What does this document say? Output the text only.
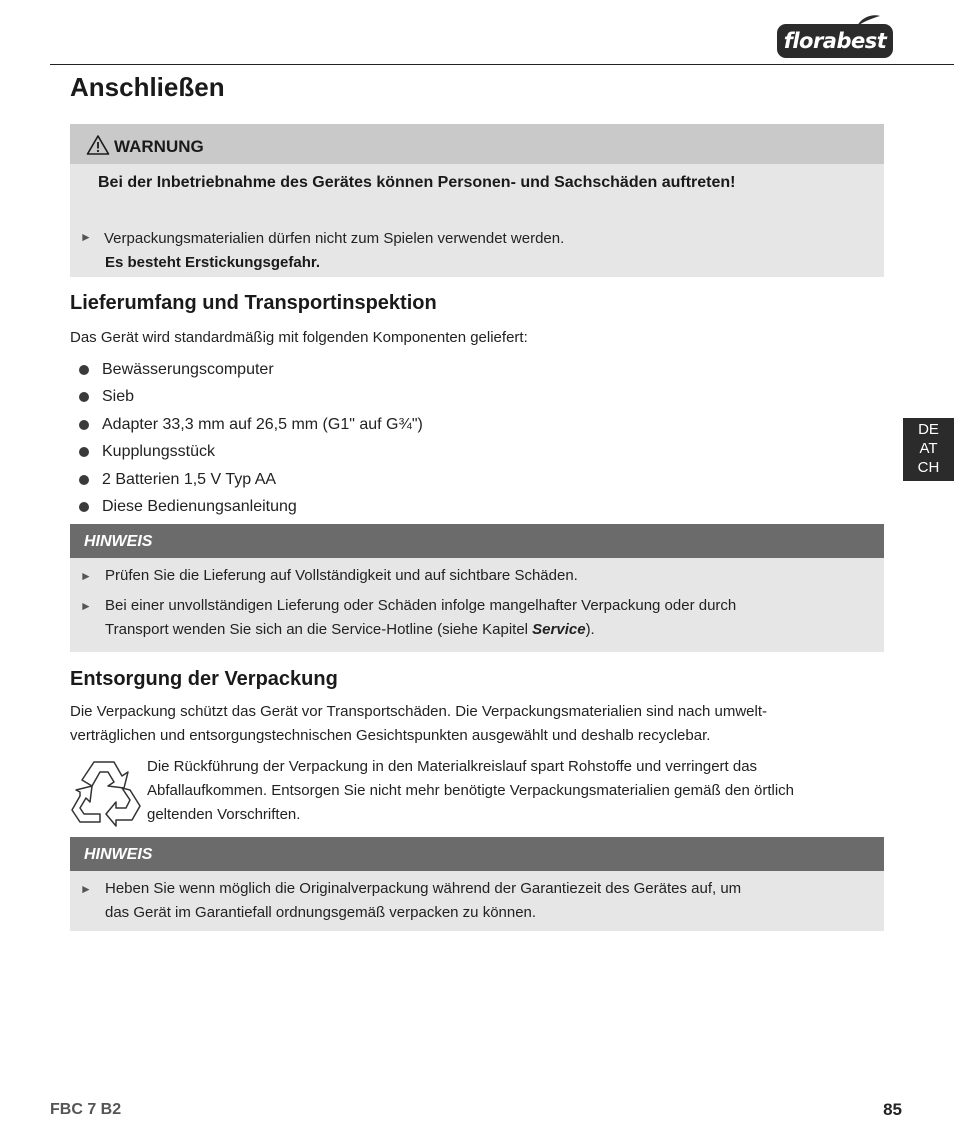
florabest
Anschließen
WARNUNG
Bei der Inbetriebnahme des Gerätes können Personen- und Sachschäden auftreten!
► Verpackungsmaterialien dürfen nicht zum Spielen verwendet werden.
Es besteht Erstickungsgefahr.
Lieferumfang und Transportinspektion
Das Gerät wird standardmäßig mit folgenden Komponenten geliefert:
Bewässerungscomputer
Sieb
Adapter 33,3 mm auf 26,5 mm (G1" auf G¾")
Kupplungsstück
2 Batterien 1,5 V Typ AA
Diese Bedienungsanleitung
HINWEIS
► Prüfen Sie die Lieferung auf Vollständigkeit und auf sichtbare Schäden.
► Bei einer unvollständigen Lieferung oder Schäden infolge mangelhafter Verpackung oder durch
Transport wenden Sie sich an die Service-Hotline (siehe Kapitel Service).
Entsorgung der Verpackung
Die Verpackung schützt das Gerät vor Transportschäden. Die Verpackungsmaterialien sind nach umwelt-
verträglichen und entsorgungstechnischen Gesichtspunkten ausgewählt und deshalb recyclebar.
Die Rückführung der Verpackung in den Materialkreislauf spart Rohstoffe und verringert das
Abfallaufkommen. Entsorgen Sie nicht mehr benötigte Verpackungsmaterialien gemäß den örtlich
geltenden Vorschriften.
HINWEIS
► Heben Sie wenn möglich die Originalverpackung während der Garantiezeit des Gerätes auf, um
das Gerät im Garantiefall ordnungsgemäß verpacken zu können.
DE
AT
CH
FBC 7 B2	85
